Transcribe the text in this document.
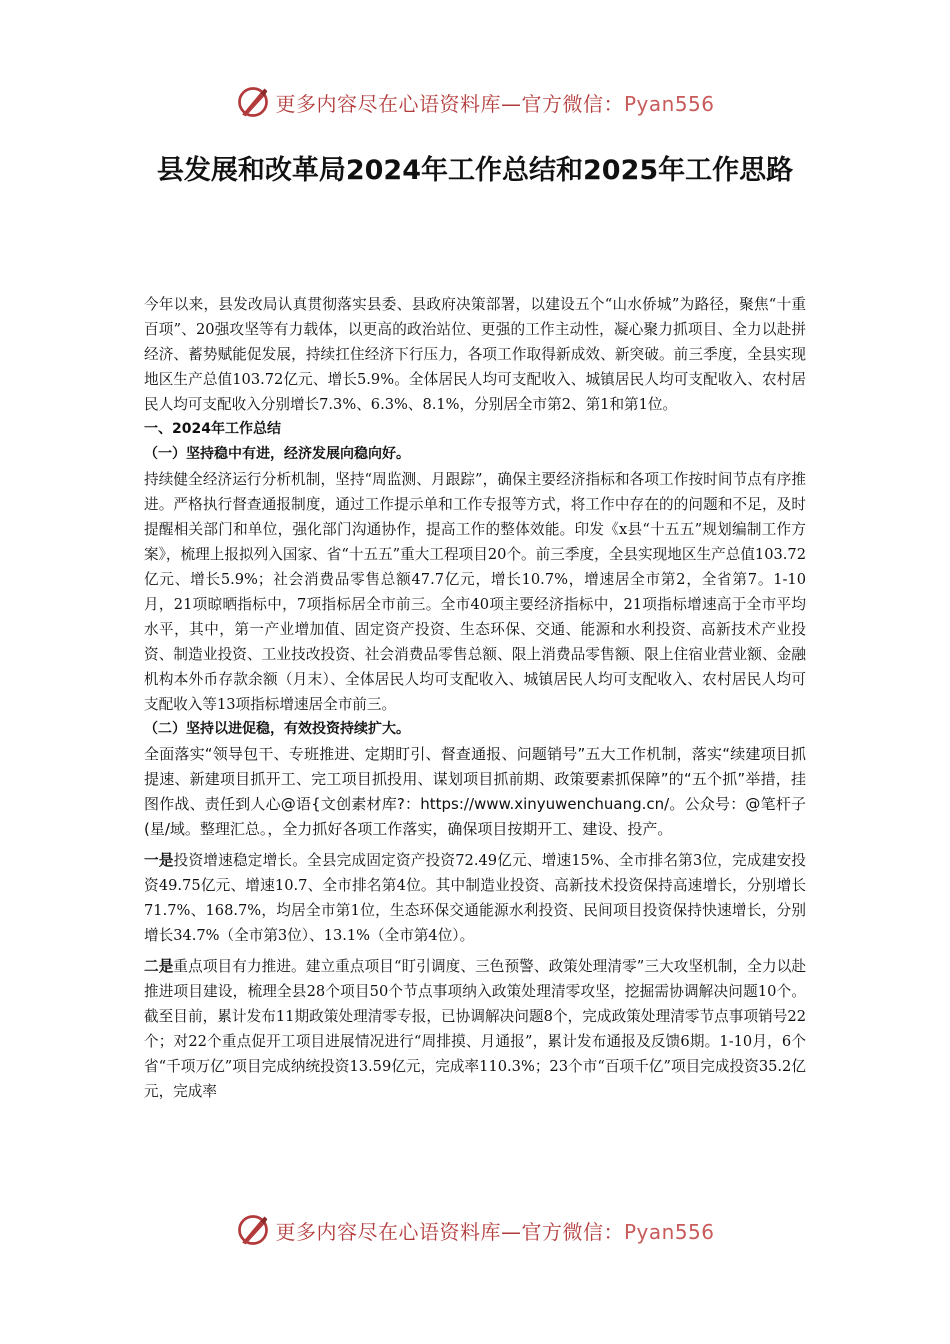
更多内容尽在心语资料库—官方微信：Pyan556
县发展和改革局2024年工作总结和2025年工作思路

今年以来，县发改局认真贯彻落实县委、县政府决策部署，以建设五个“山水侨城”为路径，聚焦“十重百项”、20强攻坚等有力载体，以更高的政治站位、更强的工作主动性，凝心聚力抓项目、全力以赴拼经济、蓄势赋能促发展，持续扛住经济下行压力，各项工作取得新成效、新突破。前三季度，全县实现地区生产总值103.72亿元、增长5.9%。全体居民人均可支配收入、城镇居民人均可支配收入、农村居民人均可支配收入分别增长7.3%、6.3%、8.1%，分别居全市第2、第1和第1位。

一、2024年工作总结

（一）坚持稳中有进，经济发展向稳向好。

持续健全经济运行分析机制，坚持“周监测、月跟踪”，确保主要经济指标和各项工作按时间节点有序推进。严格执行督查通报制度，通过工作提示单和工作专报等方式，将工作中存在的的问题和不足，及时提醒相关部门和单位，强化部门沟通协作，提高工作的整体效能。印发《x县“十五五”规划编制工作方案》，梳理上报拟列入国家、省“十五五”重大工程项目20个。前三季度，全县实现地区生产总值103.72亿元、增长5.9%；社会消费品零售总额47.7亿元，增长10.7%，增速居全市第2，全省第7。1-10月，21项晾晒指标中，7项指标居全市前三。全市40项主要经济指标中，21项指标增速高于全市平均水平，其中，第一产业增加值、固定资产投资、生态环保、交通、能源和水利投资、高新技术产业投资、制造业投资、工业技改投资、社会消费品零售总额、限上消费品零售额、限上住宿业营业额、金融机构本外币存款余额（月末）、全体居民人均可支配收入、城镇居民人均可支配收入、农村居民人均可支配收入等13项指标增速居全市前三。

（二）坚持以进促稳，有效投资持续扩大。

全面落实“领导包干、专班推进、定期盯引、督查通报、问题销号”五大工作机制，落实“续建项目抓提速、新建项目抓开工、完工项目抓投用、谋划项目抓前期、政策要素抓保障”的“五个抓”举措，挂图作战、责任到人心@语{文创素材库?：https://www.xinyuwenchuang.cn/。公众号：@笔杆子(星/域。整理汇总。，全力抓好各项工作落实，确保项目按期开工、建设、投产。

一是投资增速稳定增长。全县完成固定资产投资72.49亿元、增速15%、全市排名第3位，完成建安投资49.75亿元、增速10.7、全市排名第4位。其中制造业投资、高新技术投资保持高速增长，分别增长71.7%、168.7%，均居全市第1位，生态环保交通能源水利投资、民间项目投资保持快速增长，分别增长34.7%（全市第3位）、13.1%（全市第4位）。

二是重点项目有力推进。建立重点项目“盯引调度、三色预警、政策处理清零”三大攻坚机制，全力以赴推进项目建设，梳理全县28个项目50个节点事项纳入政策处理清零攻坚，挖掘需协调解决问题10个。截至目前，累计发布11期政策处理清零专报，已协调解决问题8个，完成政策处理清零节点事项销号22个；对22个重点促开工项目进展情况进行“周排摸、月通报”，累计发布通报及反馈6期。1-10月，6个省“千项万亿”项目完成纳统投资13.59亿元，完成率110.3%；23个市“百项千亿”项目完成投资35.2亿元，完成率

更多内容尽在心语资料库—官方微信：Pyan556
